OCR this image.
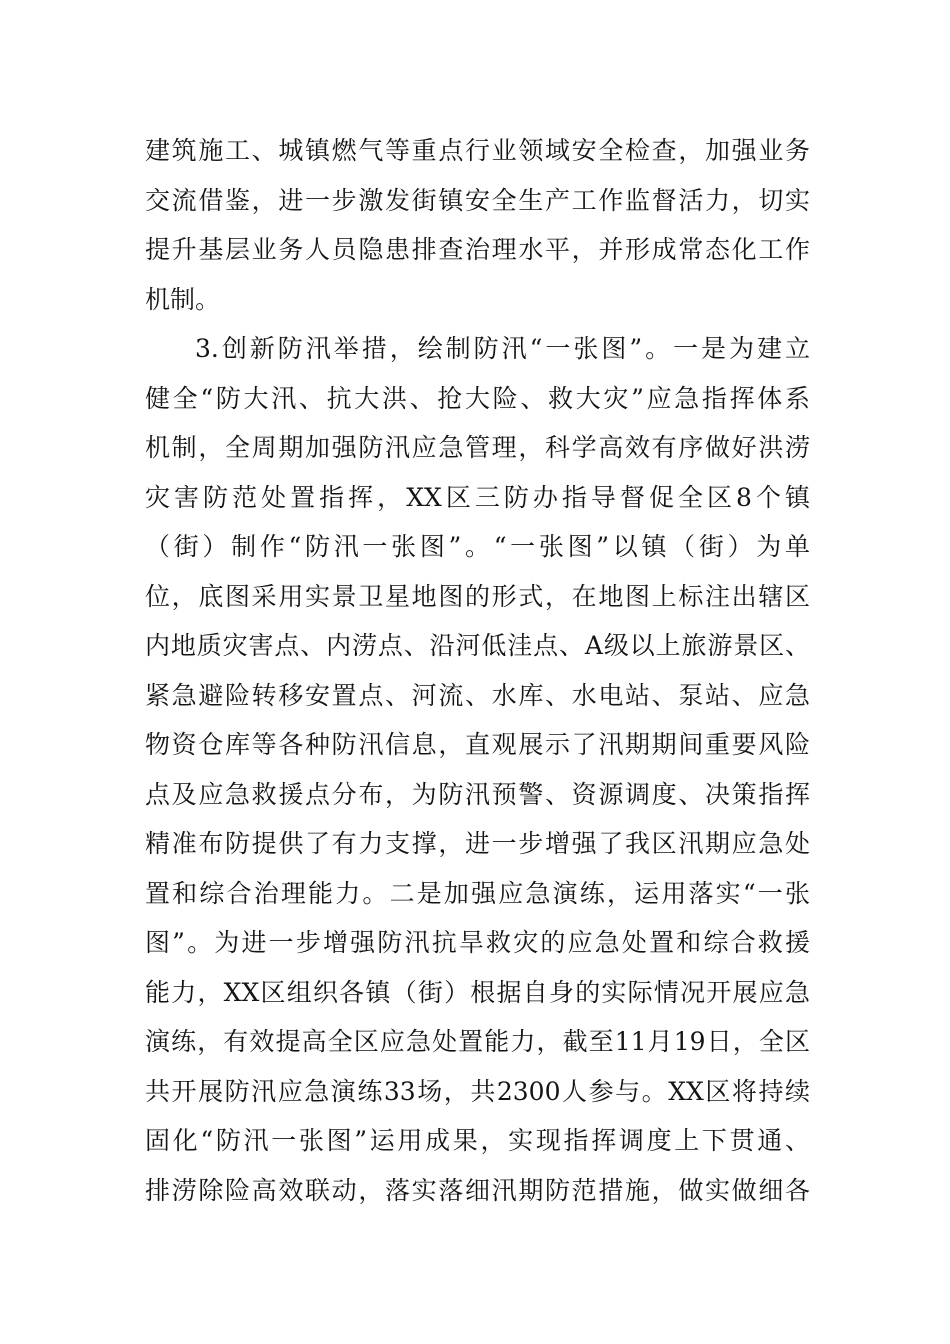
建筑施工、城镇燃气等重点行业领域安全检查，加强业务
交流借鉴，进一步激发街镇安全生产工作监督活力，切实
提升基层业务人员隐患排查治理水平，并形成常态化工作
机制。
3.创新防汛举措，绘制防汛“一张图”。一是为建立
健全“防大汛、抗大洪、抢大险、救大灾”应急指挥体系
机制，全周期加强防汛应急管理，科学高效有序做好洪涝
灾害防范处置指挥，XX区三防办指导督促全区8个镇
（街）制作“防汛一张图”。“一张图”以镇（街）为单
位，底图采用实景卫星地图的形式，在地图上标注出辖区
内地质灾害点、内涝点、沿河低洼点、A级以上旅游景区、
紧急避险转移安置点、河流、水库、水电站、泵站、应急
物资仓库等各种防汛信息，直观展示了汛期期间重要风险
点及应急救援点分布，为防汛预警、资源调度、决策指挥
精准布防提供了有力支撑，进一步增强了我区汛期应急处
置和综合治理能力。二是加强应急演练，运用落实“一张
图”。为进一步增强防汛抗旱救灾的应急处置和综合救援
能力，XX区组织各镇（街）根据自身的实际情况开展应急
演练，有效提高全区应急处置能力，截至11月19日，全区
共开展防汛应急演练33场，共2300人参与。XX区将持续
固化“防汛一张图”运用成果，实现指挥调度上下贯通、
排涝除险高效联动，落实落细汛期防范措施，做实做细各
